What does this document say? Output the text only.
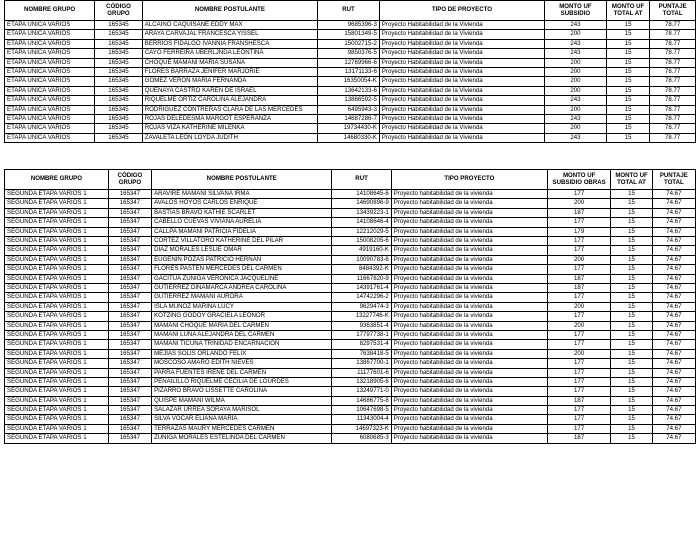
NOMBRE GRUPO	CÓDIGO GRUPO	NOMBRE POSTULANTE	RUT	TIPO DE PROYECTO	MONTO UF SUBSIDIO	MONTO UF TOTAL AT	PUNTAJE TOTAL
ETAPA UNICA VARIOS	165345	ALCAÍNO CAQUISANE EDDY MAX	9685396-3	Proyecto Habitabilidad de la Vivienda	243	15	78.77
ETAPA UNICA VARIOS	165345	ARAYA CARVAJAL FRANCESCA YISSEL	15801349-5	Proyecto Habitabilidad de la Vivienda	200	15	78.77
ETAPA UNICA VARIOS	165345	BERRÍOS FIDALGO IVANNIA FRANSHESCA	15002715-2	Proyecto Habitabilidad de la Vivienda	243	15	78.77
ETAPA UNICA VARIOS	165345	CAYO FERREIRA UBERLJNDA LEONTINA	9850376-5	Proyecto Habitabilidad de la Vivienda	243	15	78.77
ETAPA UNICA VARIOS	165345	CHOQUE MAMANI MARÍA SUSANA	12769966-6	Proyecto Habitabilidad de la Vivienda	200	15	78.77
ETAPA UNICA VARIOS	165345	FLORES BARRAZA JENIFER MARJORIE	13171133-6	Proyecto Habitabilidad de la Vivienda	200	15	78.77
ETAPA UNICA VARIOS	165345	GÓMEZ VERÓN MARÍA FERNANDA	16350054-K	Proyecto Habitabilidad de la Vivienda	200	15	78.77
ETAPA UNICA VARIOS	165345	QUENAYA CASTRO KAREN DE ISRAEL	13642133-6	Proyecto Habitabilidad de la Vivienda	200	15	78.77
ETAPA UNICA VARIOS	165345	RIQUELME ORTIZ CAROLINA ALEJANDRA	13866592-5	Proyecto Habitabilidad de la Vivienda	243	15	78.77
ETAPA UNICA VARIOS	165345	RODRÍGUEZ CONTRERAS CLARA DE LAS MERCEDES	6495943-3	Proyecto Habitabilidad de la Vivienda	200	15	78.77
ETAPA UNICA VARIOS	165345	ROJAS DELEDESMA MARGOT ESPERANZA	14687286-7	Proyecto Habitabilidad de la Vivienda	243	15	78.77
ETAPA UNICA VARIOS	165345	ROJAS VIZA KATHERINE MILENKA	19734430-K	Proyecto Habitabilidad de la Vivienda	200	15	78.77
ETAPA UNICA VARIOS	165345	ZAVALETA LEÓN LOYDA JUDITH	14680330-K	Proyecto Habitabilidad de la Vivienda	243	15	78.77
NOMBRE GRUPO	CÓDIGO GRUPO	NOMBRE POSTULANTE	RUT	TIPO PROYECTO	MONTO UF SUBSIDIO OBRAS	MONTO UF TOTAL AT	PUNTAJE TOTAL
SEGUNDA ETAPA VARIOS 1	165347	ARAVIRE MAMANI SILVANA IRMA	14108645-6	Proyecto habitabilidad de la vivienda	177	15	74.67
SEGUNDA ETAPA VARIOS 1	165347	AVALOS HOYOS CARLOS ENRIQUE	14690896-9	Proyecto habitabilidad de la vivienda	200	15	74.67
SEGUNDA ETAPA VARIOS 1	165347	BASTÍAS BRAVO KATHIE SCARLET	13439223-1	Proyecto habitabilidad de la vivienda	187	15	74.67
SEGUNDA ETAPA VARIOS 1	165347	CABELLO CUEVAS VIVIANA AURELIA	14108646-4	Proyecto habitabilidad de la vivienda	177	15	74.67
SEGUNDA ETAPA VARIOS 1	165347	CALLPA MAMANI PATRICIA FIDELIA	12212029-5	Proyecto habitabilidad de la vivienda	179	15	74.67
SEGUNDA ETAPA VARIOS 1	165347	CORTEZ VILLATORO KATHERINE DEL PILAR	15008205-6	Proyecto habitabilidad de la vivienda	177	15	74.67
SEGUNDA ETAPA VARIOS 1	165347	DÍAZ MORALES LESLIE OMAR	4919160-K	Proyecto habitabilidad de la vivienda	177	15	74.67
SEGUNDA ETAPA VARIOS 1	165347	EUGENIN POZAS PATRICIO HERNÁN	10090783-6	Proyecto habitabilidad de la vivienda	200	15	74.67
SEGUNDA ETAPA VARIOS 1	165347	FLORES PASTÉN MERCEDES DEL CARMEN	8484392-K	Proyecto habitabilidad de la vivienda	177	15	74.67
SEGUNDA ETAPA VARIOS 1	165347	GACITÚA ZÚÑIGA VERÓNICA JACQUELINE	11667820-9	Proyecto habitabilidad de la vivienda	187	15	74.67
SEGUNDA ETAPA VARIOS 1	165347	GUTIÉRREZ DINAMARCA ANDREA CAROLINA	14391761-4	Proyecto habitabilidad de la vivienda	187	15	74.67
SEGUNDA ETAPA VARIOS 1	165347	GUTIÉRREZ MAMANI AURORA	14742296-2	Proyecto habitabilidad de la vivienda	177	15	74.67
SEGUNDA ETAPA VARIOS 1	165347	ISLA MUÑOZ MARINA LUCY	9629474-3	Proyecto habitabilidad de la vivienda	200	15	74.67
SEGUNDA ETAPA VARIOS 1	165347	KOTZING GODOY GRACIELA LEONOR	13227746-K	Proyecto habitabilidad de la vivienda	177	15	74.67
SEGUNDA ETAPA VARIOS 1	165347	MAMANI CHOQUE MARÍA DEL CARMEN	9363851-4	Proyecto habitabilidad de la vivienda	200	15	74.67
SEGUNDA ETAPA VARIOS 1	165347	MAMANI LUNA ALEJANDRA DEL CARMEN	17797738-1	Proyecto habitabilidad de la vivienda	177	15	74.67
SEGUNDA ETAPA VARIOS 1	165347	MAMANI TICUNA TRINIDAD ENCARNACIÓN	8297531-4	Proyecto habitabilidad de la vivienda	177	15	74.67
SEGUNDA ETAPA VARIOS 1	165347	MEJÍAS SOLÍS ORLANDO FÉLIX	7638418-5	Proyecto habitabilidad de la vivienda	200	15	74.67
SEGUNDA ETAPA VARIOS 1	165347	MOSCOSO AMARO EDITH NIEVES	13867700-1	Proyecto habitabilidad de la vivienda	177	15	74.67
SEGUNDA ETAPA VARIOS 1	165347	PARRA FUENTES IRENE DEL CARMEN	11177601-6	Proyecto habitabilidad de la vivienda	177	15	74.67
SEGUNDA ETAPA VARIOS 1	165347	PEÑAILILLO RIQUELME CECILIA DE LOURDES	13218905-6	Proyecto habitabilidad de la vivienda	177	15	74.67
SEGUNDA ETAPA VARIOS 1	165347	PIZARRO BRAVO LISSETTE CAROLINA	13249771-0	Proyecto habitabilidad de la vivienda	177	15	74.67
SEGUNDA ETAPA VARIOS 1	165347	QUISPE MAMANI WILMA	14686775-8	Proyecto habitabilidad de la vivienda	187	15	74.67
SEGUNDA ETAPA VARIOS 1	165347	SALAZAR URREA SORAYA MARISOL	10647698-5	Proyecto habitabilidad de la vivienda	177	15	74.67
SEGUNDA ETAPA VARIOS 1	165347	SILVA VOCAR ELIANA MARÍA	11343004-4	Proyecto habitabilidad de la vivienda	177	15	74.67
SEGUNDA ETAPA VARIOS 1	165347	TERRAZAS MAURY MERCEDES CARMEN	14697323-K	Proyecto habitabilidad de la vivienda	177	15	74.67
SEGUNDA ETAPA VARIOS 1	165347	ZÚÑIGA MORALES ESTELINDA DEL CARMEN	6080685-3	Proyecto habitabilidad de la vivienda	187	15	74.67
